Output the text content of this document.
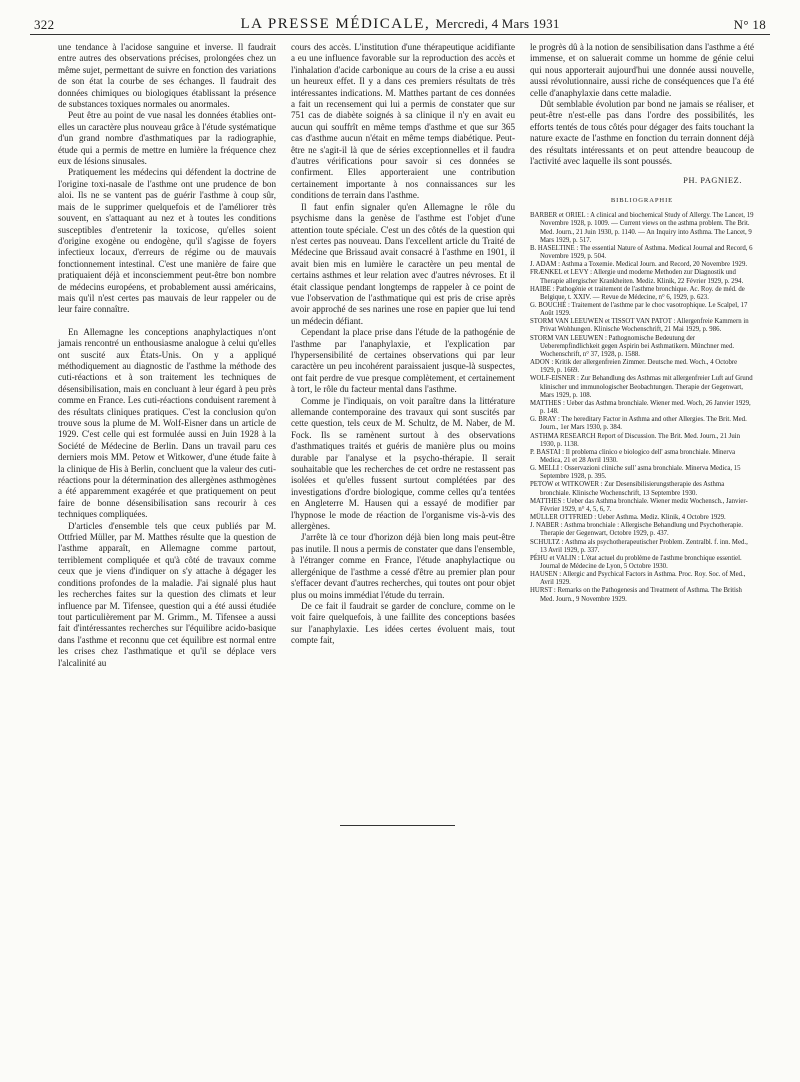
322	LA PRESSE MÉDICALE, Mercredi, 4 Mars 1931	N° 18

une tendance à l'acidose sanguine et inverse. Il faudrait entre autres des observations précises, prolongées chez un même sujet, permettant de suivre en fonction des variations de son état la courbe de ses échanges. Il faudrait des données chimiques ou biologiques établissant la présence de substances toxiques normales ou anormales.

Peut être au point de vue nasal les données établies ont-elles un caractère plus nouveau grâce à l'étude systématique d'un grand nombre d'asthmatiques par la radiographie, étude qui a permis de mettre en lumière la fréquence chez eux de lésions sinusales.

Pratiquement les médecins qui défendent la doctrine de l'origine toxi-nasale de l'asthme ont une prudence de bon aloi. Ils ne se vantent pas de guérir l'asthme à coup sûr, mais de le supprimer quelquefois et de l'améliorer très souvent, en s'attaquant au nez et à toutes les conditions susceptibles d'entretenir la toxicose, qu'elles soient d'origine exogène ou endogène, qu'il s'agisse de foyers infectieux locaux, d'erreurs de régime ou de mauvais fonctionnement intestinal. C'est une manière de faire que pratiquaient déjà et inconsciemment peut-être bon nombre de médecins européens, et probablement aussi américains, mais qu'il n'est certes pas mauvais de leur rappeler ou de leur faire connaître.

En Allemagne les conceptions anaphylactiques n'ont jamais rencontré un enthousiasme analogue à celui qu'elles ont suscité aux États-Unis. On y a appliqué méthodiquement au diagnostic de l'asthme la méthode des cuti-réactions et à son traitement les techniques de désensibilisation, mais en concluant à leur égard à peu près comme en France. Les cuti-réactions conduisent rarement à des résultats cliniques pratiques. C'est la conclusion qu'on trouve sous la plume de M. Wolf-Eisner dans un article de 1929. C'est celle qui est formulée aussi en Juin 1928 à la Société de Médecine de Berlin. Dans un travail paru ces derniers mois MM. Petow et Witkower, d'une étude faite à la clinique de His à Berlin, concluent que la valeur des cuti-réactions pour la détermination des allergènes asthmogènes a été apparemment exagérée et que pratiquement on peut faire de bonne désensibilisation sans recourir à ces techniques compliquées.

D'articles d'ensemble tels que ceux publiés par M. Ottfried Müller, par M. Matthes résulte que la question de l'asthme apparaît, en Allemagne comme partout, terriblement compliquée et qu'à côté de travaux comme ceux que je viens d'indiquer on s'y attache à dégager les conditions profondes de la maladie. J'ai signalé plus haut les recherches faites sur la question des climats et leur influence par M. Tifensee, question qui a été aussi étudiée tout particulièrement par M. Grimm., M. Tifensee a aussi fait d'intéressantes recherches sur l'équilibre acido-basique dans l'asthme et reconnu que cet équilibre est normal entre les crises chez l'asthmatique et qu'il se déplace vers l'alcalinité au

cours des accès. L'institution d'une thérapeutique acidifiante a eu une influence favorable sur la reproduction des accès et l'inhalation d'acide carbonique au cours de la crise a eu aussi un heureux effet. Il y a dans ces premiers résultats de très intéressantes indications. M. Matthes partant de ces données a fait un recensement qui lui a permis de constater que sur 751 cas de diabète soignés à sa clinique il n'y en avait eu aucun qui souffrît en même temps d'asthme et que sur 365 cas d'asthme aucun n'était en même temps diabétique. Peut-être ne s'agit-il là que de séries exceptionnelles et il faudra d'autres vérifications pour savoir si ces données se confirment. Elles apporteraient une contribution certainement importante à nos connaissances sur les conditions de terrain dans l'asthme.

Il faut enfin signaler qu'en Allemagne le rôle du psychisme dans la genèse de l'asthme est l'objet d'une attention toute spéciale. C'est un des côtés de la question qui n'est certes pas nouveau. Dans l'excellent article du Traité de Médecine que Brissaud avait consacré à l'asthme en 1901, il avait bien mis en lumière le caractère un peu mental de certains asthmes et leur relation avec d'autres névroses. Et il était classique pendant longtemps de rappeler à ce point de vue l'observation de l'asthmatique qui est pris de crise après avoir approché de ses narines une rose en papier que lui tend un médecin défiant.

Cependant la place prise dans l'étude de la pathogénie de l'asthme par l'anaphylaxie, et l'explication par l'hypersensibilité de certaines observations qui par leur caractère un peu incohérent paraissaient jusque-là suspectes, ont fait perdre de vue presque complètement, et certainement à tort, le rôle du facteur mental dans l'asthme.

Comme je l'indiquais, on voit paraître dans la littérature allemande contemporaine des travaux qui sont suscités par cette question, tels ceux de M. Schultz, de M. Naber, de M. Fock. Ils se ramènent surtout à des observations d'asthmatiques traités et guéris de manière plus ou moins durable par l'analyse et la psycho-thérapie. Il serait souhaitable que les recherches de cet ordre ne restassent pas isolées et qu'elles fussent surtout complétées par des investigations d'ordre biologique, comme celles qu'a tentées en Angleterre M. Hausen qui a essayé de modifier par l'hypnose le mode de réaction de l'organisme vis-à-vis des allergènes.

J'arrête là ce tour d'horizon déjà bien long mais peut-être pas inutile. Il nous a permis de constater que dans l'ensemble, à l'étranger comme en France, l'étude anaphylactique ou allergénique de l'asthme a cessé d'être au premier plan pour s'effacer devant d'autres recherches, qui toutes ont pour objet plus ou moins immédiat l'étude du terrain.

De ce fait il faudrait se garder de conclure, comme on le voit faire quelquefois, à une faillite des conceptions basées sur l'anaphylaxie. Les idées certes évoluent mais, tout compte fait,

le progrès dû à la notion de sensibilisation dans l'asthme a été immense, et on saluerait comme un homme de génie celui qui nous apporterait aujourd'hui une donnée aussi nouvelle, aussi révolutionnaire, aussi riche de conséquences que l'a été celle d'anaphylaxie dans cette maladie.

Dût semblable évolution par bond ne jamais se réaliser, et peut-être n'est-elle pas dans l'ordre des possibilités, les efforts tentés de tous côtés pour dégager des faits touchant la nature exacte de l'asthme en fonction du terrain donnent déjà des résultats intéressants et on peut attendre beaucoup de l'activité avec laquelle ils sont poussés.

PH. PAGNIEZ.
BIBLIOGRAPHIE
BARBER et ORIEL : A clinical and biochemical Study of Allergy. The Lancet, 19 Novembre 1928, p. 1009. — Current views on the asthma problem. The Brit. Med. Journ., 21 Juin 1930, p. 1140. — An Inquiry into Asthma. The Lancet, 9 Mars 1929, p. 517.
B. HASELTINE : The essential Nature of Asthma. Medical Journal and Record, 6 Novembre 1929, p. 504.
J. ADAM : Asthma a Toxemie. Medical Journ. and Record, 20 Novembre 1929.
FRÆNKEL et LEVY : Allergie und moderne Methoden zur Diagnostik und Therapie allergischer Krankheiten. Mediz. Klinik, 22 Février 1929, p. 294.
HAIBE : Pathogénie et traitement de l'asthme bronchique. Ac. Roy. de méd. de Belgique, t. XXIV. — Revue de Médecine, n° 6, 1929, p. 623.
G. BOUCHÉ : Traitement de l'asthme par le choc vasotrophique. Le Scalpel, 17 Août 1929.
STORM VAN LEEUWEN et TISSOT VAN PATOT : Allergenfreie Kammern in Privat Wohhungen. Klinische Wochenschrift, 21 Mai 1929, p. 986.
STORM VAN LEEUWEN : Pathognomische Bedeutung der Ueberempfindlichkeit gegen Aspirin bei Asthmatikern. Münchner med. Wochenschrift, n° 37, 1928, p. 1588.
ADON : Kritik der allergenfreien Zimmer. Deutsche med. Woch., 4 Octobre 1929, p. 1669.
WOLF-EISNER : Zur Behandlung des Asthmas mit allergenfreier Luft auf Grund klinischer und immunologischer Beobachtungen. Therapie der Gegenwart, Mars 1929, p. 108.
MATTHES : Ueber das Asthma bronchiale. Wiener med. Woch, 26 Janvier 1929, p. 148.
G. BRAY : The hereditary Factor in Asthma and other Allergies. The Brit. Med. Journ., 1er Mars 1930, p. 384.
ASTHMA RESEARCH Report of Discussion. The Brit. Med. Journ., 21 Juin 1930, p. 1138.
P. BASTAI : Il problema clinico e biologico dell' asma bronchiale. Minerva Medica, 21 et 28 Avril 1930.
G. MELLI : Osservazioni cliniche sull' asma bronchiale. Minerva Medica, 15 Septembre 1928, p. 395.
PETOW et WITKOWER : Zur Desensibilisierungstherapie des Asthma bronchiale. Klinische Wochenschrift, 13 Septembre 1930.
MATTHES : Ueber das Asthma bronchiale. Wiener mediz Wochensch., Janvier-Février 1929, n° 4, 5, 6, 7.
MÜLLER OTTFRIED : Ueber Asthma. Mediz. Klinik, 4 Octobre 1929.
J. NABER : Asthma bronchiale : Allergische Behandlung und Psychotherapie. Therapie der Gegenwart, Octobre 1929, p. 437.
SCHULTZ : Asthma als psychotherapeutischer Problem. Zentralbl. f. inn. Med., 13 Avril 1929, p. 337.
PÉHU et VALIN : L'état actuel du problème de l'asthme bronchique essentiel. Journal de Médecine de Lyon, 5 Octobre 1930.
HAUSEN : Allergic and Psychical Factors in Asthma. Proc. Roy. Soc. of Med., Avril 1929.
HURST : Remarks on the Pathogenesis and Treatment of Asthma. The British Med. Journ., 9 Novembre 1929.
